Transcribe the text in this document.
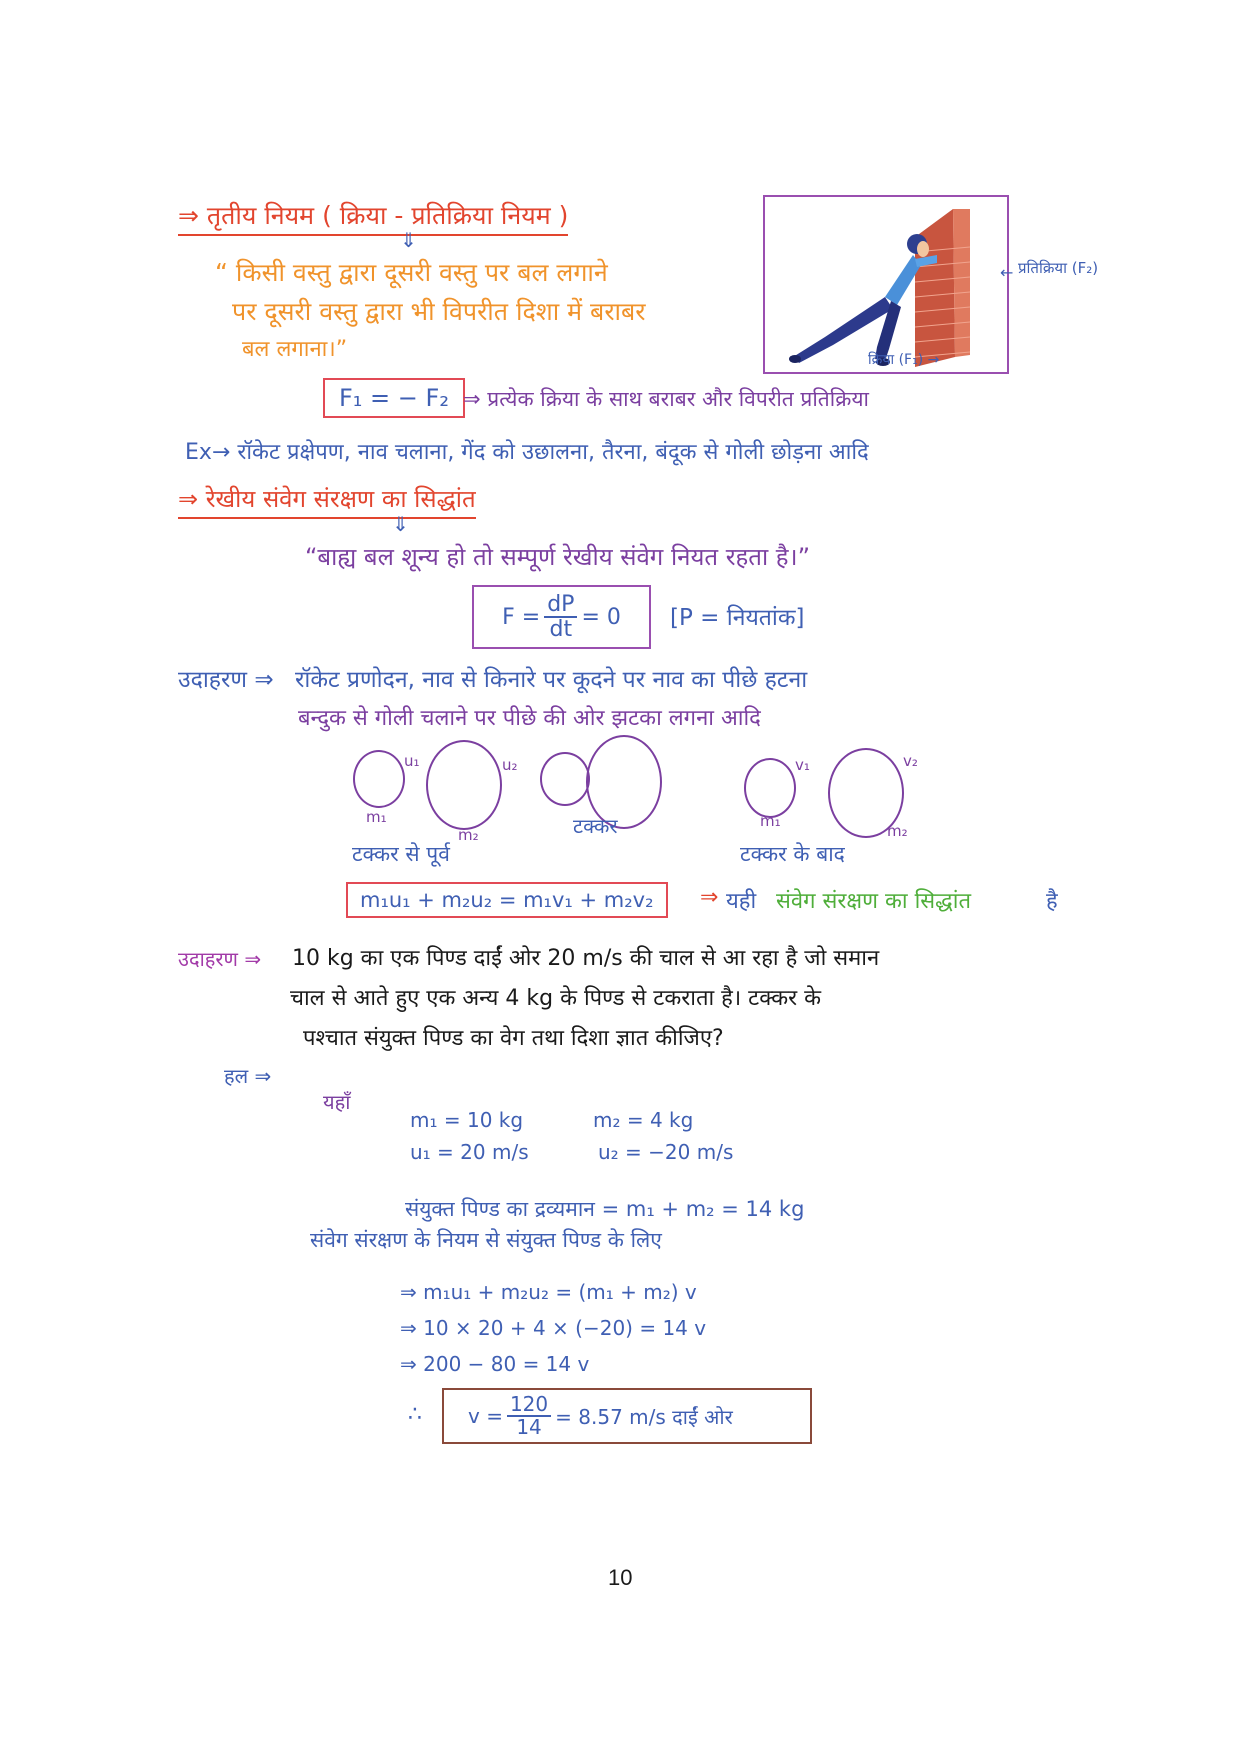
⇒ तृतीय नियम ( क्रिया - प्रतिक्रिया नियम )
⇓
“ किसी वस्तु द्वारा दूसरी वस्तु पर बल लगाने
पर दूसरी वस्तु द्वारा भी विपरीत दिशा में बराबर
बल लगाना।”
← प्रतिक्रिया (F₂)
क्रिया (F₁) →
F₁ = − F₂ ⇒ प्रत्येक क्रिया के साथ बराबर और विपरीत प्रतिक्रिया
Ex→ रॉकेट प्रक्षेपण, नाव चलाना, गेंद को उछालना, तैरना, बंदूक से गोली छोड़ना आदि
⇒ रेखीय संवेग संरक्षण का सिद्धांत
⇓
“बाह्य बल शून्य हो तो सम्पूर्ण रेखीय संवेग नियत रहता है।”
$F = \frac{dP}{dt} = 0$ [P = नियतांक]
उदाहरण ⇒ रॉकेट प्रणोदन, नाव से किनारे पर कूदने पर नाव का पीछे हटना
बन्दुक से गोली चलाने पर पीछे की ओर झटका लगना आदि
u₁
m₁
u₂
m₂	टक्कर
v₁
m₁
v₂
m₂
टक्कर से पूर्व	टक्कर के बाद
m₁u₁ + m₂u₂ = m₁v₁ + m₂v₂	⇒ यही संवेग संरक्षण का सिद्धांत	है
उदाहरण ⇒ 10 kg का एक पिण्ड दाईं ओर 20 m/s की चाल से आ रहा है जो समान
चाल से आते हुए एक अन्य 4 kg के पिण्ड से टकराता है। टक्कर के
पश्चात संयुक्त पिण्ड का वेग तथा दिशा ज्ञात कीजिए?
हल ⇒
यहाँ
m₁ = 10 kg	m₂ = 4 kg
u₁ = 20 m/s	u₂ = −20 m/s
संयुक्त पिण्ड का द्रव्यमान = m₁ + m₂ = 14 kg
संवेग संरक्षण के नियम से संयुक्त पिण्ड के लिए
⇒ m₁u₁ + m₂u₂ = (m₁ + m₂) v
⇒ 10 × 20 + 4 × (−20) = 14 v
⇒ 200 − 80 = 14 v
∴ $v = \frac{120}{14} = 8.57$ m/s दाईं ओर
10
